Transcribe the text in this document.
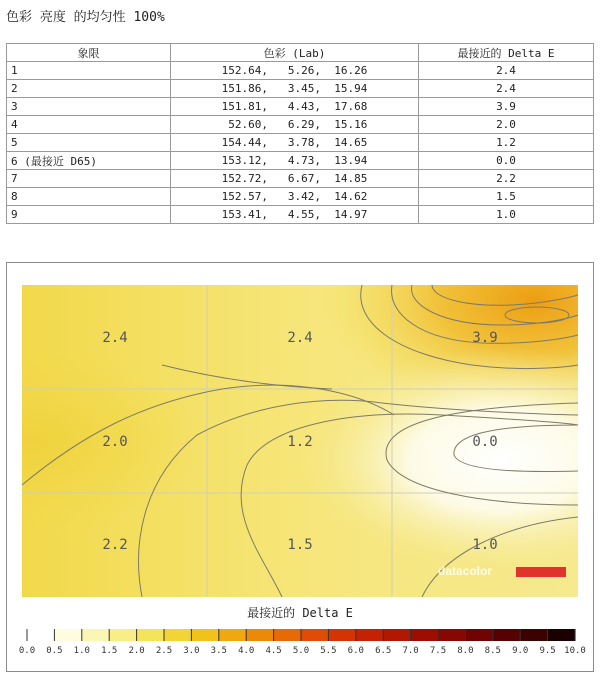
色彩 亮度 的均匀性 100%
象限	色彩 (Lab)	最接近的 Delta E
1	152.64,   5.26,  16.26	2.4
2	151.86,   3.45,  15.94	2.4
3	151.81,   4.43,  17.68	3.9
4	52.60,   6.29,  15.16	2.0
5	154.44,   3.78,  14.65	1.2
6 (最接近 D65)	153.12,   4.73,  13.94	0.0
7	152.72,   6.67,  14.85	2.2
8	152.57,   3.42,  14.62	1.5
9	153.41,   4.55,  14.97	1.0
2.4	2.4	3.9
2.0	1.2	0.0
2.2	1.5	1.0
datacolor
最接近的 Delta E
0.0 0.5 1.0 1.5 2.0 2.5 3.0 3.5 4.0 4.5 5.0 5.5 6.0 6.5 7.0 7.5 8.0 8.5 9.0 9.5 10.0
